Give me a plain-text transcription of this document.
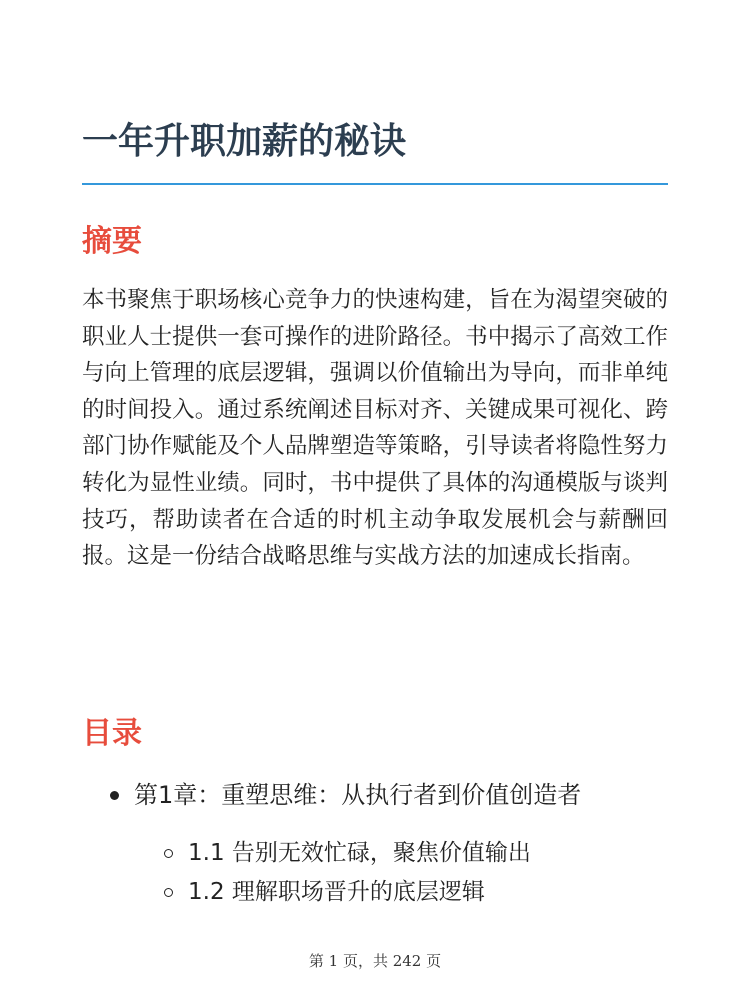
一年升职加薪的秘诀
摘要

本书聚焦于职场核心竞争力的快速构建，旨在为渴望突破的职业人士提供一套可操作的进阶路径。书中揭示了高效工作与向上管理的底层逻辑，强调以价值输出为导向，而非单纯的时间投入。通过系统阐述目标对齐、关键成果可视化、跨部门协作赋能及个人品牌塑造等策略，引导读者将隐性努力转化为显性业绩。同时，书中提供了具体的沟通模版与谈判技巧，帮助读者在合适的时机主动争取发展机会与薪酬回报。这是一份结合战略思维与实战方法的加速成长指南。

目录
第1章：重塑思维：从执行者到价值创造者
1.1 告别无效忙碌，聚焦价值输出
1.2 理解职场晋升的底层逻辑
第 1 页，共 242 页
